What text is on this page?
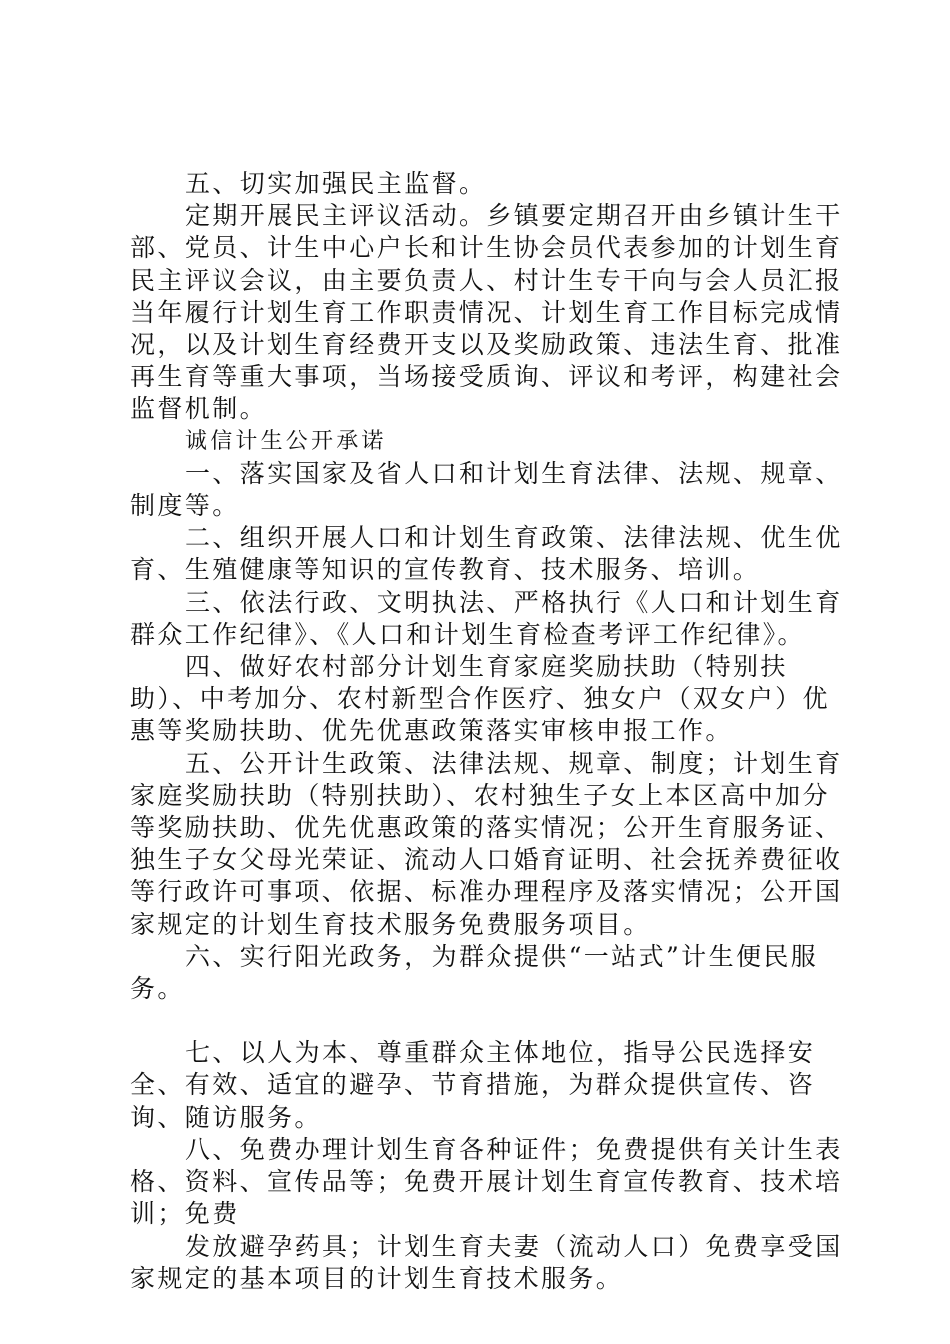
五、切实加强民主监督。

定期开展民主评议活动。乡镇要定期召开由乡镇计生干部、党员、计生中心户长和计生协会员代表参加的计划生育民主评议会议，由主要负责人、村计生专干向与会人员汇报当年履行计划生育工作职责情况、计划生育工作目标完成情况，以及计划生育经费开支以及奖励政策、违法生育、批准再生育等重大事项，当场接受质询、评议和考评，构建社会监督机制。

诚信计生公开承诺

一、落实国家及省人口和计划生育法律、法规、规章、制度等。

二、组织开展人口和计划生育政策、法律法规、优生优育、生殖健康等知识的宣传教育、技术服务、培训。

三、依法行政、文明执法、严格执行《人口和计划生育群众工作纪律》、《人口和计划生育检查考评工作纪律》。

四、做好农村部分计划生育家庭奖励扶助（特别扶助）、中考加分、农村新型合作医疗、独女户（双女户）优惠等奖励扶助、优先优惠政策落实审核申报工作。

五、公开计生政策、法律法规、规章、制度；计划生育家庭奖励扶助（特别扶助）、农村独生子女上本区高中加分等奖励扶助、优先优惠政策的落实情况；公开生育服务证、独生子女父母光荣证、流动人口婚育证明、社会抚养费征收等行政许可事项、依据、标准办理程序及落实情况；公开国家规定的计划生育技术服务免费服务项目。

六、实行阳光政务，为群众提供“一站式”计生便民服务。

七、以人为本、尊重群众主体地位，指导公民选择安全、有效、适宜的避孕、节育措施，为群众提供宣传、咨询、随访服务。

八、免费办理计划生育各种证件；免费提供有关计生表格、资料、宣传品等；免费开展计划生育宣传教育、技术培训；免费

发放避孕药具；计划生育夫妻（流动人口）免费享受国家规定的基本项目的计划生育技术服务。
